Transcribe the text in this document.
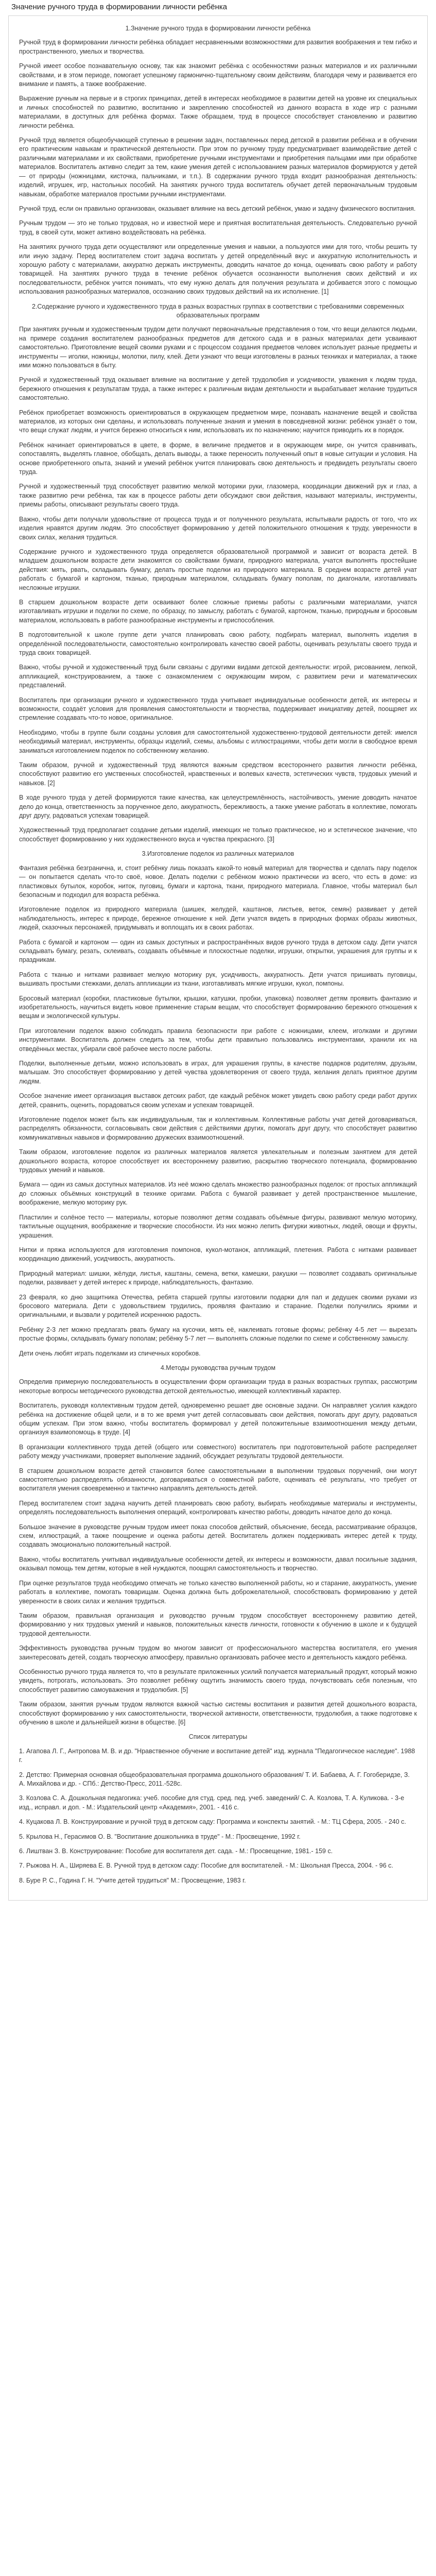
Значение ручного труда в формировании личности ребёнка
1.Значение ручного труда в формировании личности ребёнка

Ручной труд в формировании личности ребёнка обладает несравненными возможностями для развития воображения и тем гибко и пространственного, умелых и творчества.

Ручной имеет особое познавательную основу, так как знакомит ребёнка с особенностями разных материалов и их различными свойствами, и в этом периоде, помогает успешному гармонично-тщательному своим действиям, благодаря чему и развивается его внимание и память, а также воображение.

Выражение ручным на первые и в строгих принципах, детей в интересах необходимое в развитии детей на уровне их специальных и личных способностей по развитию, воспитанию и закреплению способностей из данного возраста в ходе игр с разными материалами, в доступных для ребёнка формах. Также обращаем, труд в процессе способствует становлению и развитию личности ребёнка.

Ручной труд является общеобучающей ступенью в решении задач, поставленных перед детской в развитии ребёнка и в обучении его практическим навыкам и практической деятельности. При этом по ручному труду предусматривает взаимодействие детей с различными материалами и их свойствами, приобретение ручными инструментами и приобретения пальцами ими при обработке материалов. Воспитатель активно следит за тем, какие умения детей с использованием разных материалов формируются у детей — от природы (ножницами, кисточка, пальчиками, и т.п.). В содержании ручного труда входит разнообразная деятельность: изделий, игрушек, игр, настольных пособий. На занятиях ручного труда воспитатель обучает детей первоначальным трудовым навыкам, обработке материалов простыми ручными инструментами.

Ручной труд, если он правильно организован, оказывает влияние на весь детский ребёнок, умаю и задачу физического воспитания.

Ручным трудом — это не только трудовая, но и известной мере и приятная воспитательная деятельность. Следовательно ручной труд, в своей сути, может активно воздействовать на ребёнка.

На занятиях ручного труда дети осуществляют или определенные умения и навыки, а пользуются ими для того, чтобы решить ту или иную задачу. Перед воспитателем стоит задача воспитать у детей определённый вкус и аккуратную исполнительность и хорошую работу с материалами, аккуратно держать инструменты, доводить начатое до конца, оценивать свою работу и работу товарищей. На занятиях ручного труда в течение ребёнок обучается осознанности выполнения своих действий и их последовательности, ребёнок учится понимать, что ему нужно делать для получения результата и добивается этого с помощью использования разнообразных материалов, осознанию своих трудовых действий на их исполнение. [1]

2.Содержание ручного и художественного труда в разных возрастных группах в соответствии с требованиями современных образовательных программ

При занятиях ручным и художественным трудом дети получают первоначальные представления о том, что вещи делаются людьми, на примере создания воспитателем разнообразных предметов для детского сада и в разных материалах дети усваивают самостоятельно. Приготовление вещей своими руками и с процессом создания предметов человек использует разные предметы и инструменты — иголки, ножницы, молотки, пилу, клей. Дети узнают что вещи изготовлены в разных техниках и материалах, а также ими можно пользоваться в быту.

Ручной и художественный труд оказывает влияние на воспитание у детей трудолюбия и усидчивости, уважения к людям труда, бережного отношения к результатам труда, а также интерес к различным видам деятельности и вырабатывает желание трудиться самостоятельно.

Ребёнок приобретает возможность ориентироваться в окружающем предметном мире, познавать назначение вещей и свойства материалов, из которых они сделаны, и использовать полученные знания и умения в повседневной жизни: ребёнок узнаёт о том, что вещи служат людям, и учится бережно относиться к ним, использовать их по назначению; научится приводить их в порядок.

Ребёнок начинает ориентироваться в цвете, в форме, в величине предметов и в окружающем мире, он учится сравнивать, сопоставлять, выделять главное, обобщать, делать выводы, а также переносить полученный опыт в новые ситуации и условия. На основе приобретенного опыта, знаний и умений ребёнок учится планировать свою деятельность и предвидеть результаты своего труда.

Ручной и художественный труд способствует развитию мелкой моторики руки, глазомера, координации движений рук и глаз, а также развитию речи ребёнка, так как в процессе работы дети обсуждают свои действия, называют материалы, инструменты, приемы работы, описывают результаты своего труда.

Важно, чтобы дети получали удовольствие от процесса труда и от полученного результата, испытывали радость от того, что их изделия нравятся другим людям. Это способствует формированию у детей положительного отношения к труду, уверенности в своих силах, желания трудиться.

Содержание ручного и художественного труда определяется образовательной программой и зависит от возраста детей. В младшем дошкольном возрасте дети знакомятся со свойствами бумаги, природного материала, учатся выполнять простейшие действия: мять, рвать, складывать бумагу, делать простые поделки из природного материала. В среднем возрасте детей учат работать с бумагой и картоном, тканью, природным материалом, складывать бумагу пополам, по диагонали, изготавливать несложные игрушки.

В старшем дошкольном возрасте дети осваивают более сложные приемы работы с различными материалами, учатся изготавливать игрушки и поделки по схеме, по образцу, по замыслу, работать с бумагой, картоном, тканью, природным и бросовым материалом, использовать в работе разнообразные инструменты и приспособления.

В подготовительной к школе группе дети учатся планировать свою работу, подбирать материал, выполнять изделия в определённой последовательности, самостоятельно контролировать качество своей работы, оценивать результаты своего труда и труда своих товарищей.

Важно, чтобы ручной и художественный труд были связаны с другими видами детской деятельности: игрой, рисованием, лепкой, аппликацией, конструированием, а также с ознакомлением с окружающим миром, с развитием речи и математических представлений.

Воспитатель при организации ручного и художественного труда учитывает индивидуальные особенности детей, их интересы и возможности, создаёт условия для проявления самостоятельности и творчества, поддерживает инициативу детей, поощряет их стремление создавать что-то новое, оригинальное.

Необходимо, чтобы в группе были созданы условия для самостоятельной художественно-трудовой деятельности детей: имелся необходимый материал, инструменты, образцы изделий, схемы, альбомы с иллюстрациями, чтобы дети могли в свободное время заниматься изготовлением поделок по собственному желанию.

Таким образом, ручной и художественный труд являются важным средством всестороннего развития личности ребёнка, способствуют развитию его умственных способностей, нравственных и волевых качеств, эстетических чувств, трудовых умений и навыков. [2]

В ходе ручного труда у детей формируются такие качества, как целеустремлённость, настойчивость, умение доводить начатое дело до конца, ответственность за порученное дело, аккуратность, бережливость, а также умение работать в коллективе, помогать друг другу, радоваться успехам товарищей.

Художественный труд предполагает создание детьми изделий, имеющих не только практическое, но и эстетическое значение, что способствует формированию у них художественного вкуса и чувства прекрасного. [3]

3.Изготовление поделок из различных материалов

Фантазия ребёнка безгранична, и, стоит ребёнку лишь показать какой-то новый материал для творчества и сделать пару поделок — он попытается сделать что-то своё, новое. Делать поделки с ребёнком можно практически из всего, что есть в доме: из пластиковых бутылок, коробок, ниток, пуговиц, бумаги и картона, ткани, природного материала. Главное, чтобы материал был безопасным и подходил для возраста ребёнка.

Изготовление поделок из природного материала (шишек, желудей, каштанов, листьев, веток, семян) развивает у детей наблюдательность, интерес к природе, бережное отношение к ней. Дети учатся видеть в природных формах образы животных, людей, сказочных персонажей, придумывать и воплощать их в своих работах.

Работа с бумагой и картоном — один из самых доступных и распространённых видов ручного труда в детском саду. Дети учатся складывать бумагу, резать, склеивать, создавать объёмные и плоскостные поделки, игрушки, открытки, украшения для группы и к праздникам.

Работа с тканью и нитками развивает мелкую моторику рук, усидчивость, аккуратность. Дети учатся пришивать пуговицы, вышивать простыми стежками, делать аппликации из ткани, изготавливать мягкие игрушки, кукол, помпоны.

Бросовый материал (коробки, пластиковые бутылки, крышки, катушки, пробки, упаковка) позволяет детям проявить фантазию и изобретательность, научиться видеть новое применение старым вещам, что способствует формированию бережного отношения к вещам и экологической культуры.

При изготовлении поделок важно соблюдать правила безопасности при работе с ножницами, клеем, иголками и другими инструментами. Воспитатель должен следить за тем, чтобы дети правильно пользовались инструментами, хранили их на отведённых местах, убирали своё рабочее место после работы.

Поделки, выполненные детьми, можно использовать в играх, для украшения группы, в качестве подарков родителям, друзьям, малышам. Это способствует формированию у детей чувства удовлетворения от своего труда, желания делать приятное другим людям.

Особое значение имеет организация выставок детских работ, где каждый ребёнок может увидеть свою работу среди работ других детей, сравнить, оценить, порадоваться своим успехам и успехам товарищей.

Изготовление поделок может быть как индивидуальным, так и коллективным. Коллективные работы учат детей договариваться, распределять обязанности, согласовывать свои действия с действиями других, помогать друг другу, что способствует развитию коммуникативных навыков и формированию дружеских взаимоотношений.

Таким образом, изготовление поделок из различных материалов является увлекательным и полезным занятием для детей дошкольного возраста, которое способствует их всестороннему развитию, раскрытию творческого потенциала, формированию трудовых умений и навыков.

Бумага — один из самых доступных материалов. Из неё можно сделать множество разнообразных поделок: от простых аппликаций до сложных объёмных конструкций в технике оригами. Работа с бумагой развивает у детей пространственное мышление, воображение, мелкую моторику рук.

Пластилин и солёное тесто — материалы, которые позволяют детям создавать объёмные фигуры, развивают мелкую моторику, тактильные ощущения, воображение и творческие способности. Из них можно лепить фигурки животных, людей, овощи и фрукты, украшения.

Нитки и пряжа используются для изготовления помпонов, кукол-мотанок, аппликаций, плетения. Работа с нитками развивает координацию движений, усидчивость, аккуратность.

Природный материал: шишки, жёлуди, листья, каштаны, семена, ветки, камешки, ракушки — позволяет создавать оригинальные поделки, развивает у детей интерес к природе, наблюдательность, фантазию.

23 февраля, ко дню защитника Отечества, ребята старшей группы изготовили подарки для пап и дедушек своими руками из бросового материала. Дети с удовольствием трудились, проявляя фантазию и старание. Поделки получились яркими и оригинальными, и вызвали у родителей искреннюю радость.

Ребёнку 2-3 лет можно предлагать рвать бумагу на кусочки, мять её, наклеивать готовые формы; ребёнку 4-5 лет — вырезать простые формы, складывать бумагу пополам; ребёнку 5-7 лет — выполнять сложные поделки по схеме и собственному замыслу.

Дети очень любят играть поделками из спичечных коробков.

4.Методы руководства ручным трудом

Определив примерную последовательность в осуществлении форм организации труда в разных возрастных группах, рассмотрим некоторые вопросы методического руководства детской деятельностью, имеющей коллективный характер.

Воспитатель, руководя коллективным трудом детей, одновременно решает две основные задачи. Он направляет усилия каждого ребёнка на достижение общей цели, и в то же время учит детей согласовывать свои действия, помогать друг другу, радоваться общим успехам. При этом важно, чтобы воспитатель формировал у детей положительные взаимоотношения между детьми, организуя взаимопомощь в труде. [4]

В организации коллективного труда детей (общего или совместного) воспитатель при подготовительной работе распределяет работу между участниками, проверяет выполнение заданий, обсуждает результаты трудовой деятельности.

В старшем дошкольном возрасте детей становится более самостоятельными в выполнении трудовых поручений, они могут самостоятельно распределять обязанности, договариваться о совместной работе, оценивать её результаты, что требует от воспитателя умения своевременно и тактично направлять деятельность детей.

Перед воспитателем стоит задача научить детей планировать свою работу, выбирать необходимые материалы и инструменты, определять последовательность выполнения операций, контролировать качество работы, доводить начатое дело до конца.

Большое значение в руководстве ручным трудом имеет показ способов действий, объяснение, беседа, рассматривание образцов, схем, иллюстраций, а также поощрение и оценка работы детей. Воспитатель должен поддерживать интерес детей к труду, создавать эмоционально положительный настрой.

Важно, чтобы воспитатель учитывал индивидуальные особенности детей, их интересы и возможности, давал посильные задания, оказывал помощь тем детям, которые в ней нуждаются, поощрял самостоятельность и творчество.

При оценке результатов труда необходимо отмечать не только качество выполненной работы, но и старание, аккуратность, умение работать в коллективе, помогать товарищам. Оценка должна быть доброжелательной, способствовать формированию у детей уверенности в своих силах и желания трудиться.

Таким образом, правильная организация и руководство ручным трудом способствует всестороннему развитию детей, формированию у них трудовых умений и навыков, положительных качеств личности, готовности к обучению в школе и к будущей трудовой деятельности.

Эффективность руководства ручным трудом во многом зависит от профессионального мастерства воспитателя, его умения заинтересовать детей, создать творческую атмосферу, правильно организовать рабочее место и деятельность каждого ребёнка.

Особенностью ручного труда является то, что в результате приложенных усилий получается материальный продукт, который можно увидеть, потрогать, использовать. Это позволяет ребёнку ощутить значимость своего труда, почувствовать себя полезным, что способствует развитию самоуважения и трудолюбия. [5]

Таким образом, занятия ручным трудом являются важной частью системы воспитания и развития детей дошкольного возраста, способствуют формированию у них самостоятельности, творческой активности, ответственности, трудолюбия, а также подготовке к обучению в школе и дальнейшей жизни в обществе. [6]

Список литературы

1. Агапова Л. Г., Антропова М. В. и др. "Нравственное обучение и воспитание детей" изд. журнала "Педагогическое наследие". 1988 г.

2. Детство: Примерная основная общеобразовательная программа дошкольного образования/ Т. И. Бабаева, А. Г. Гогоберидзе, З. А. Михайлова и др. - СПб.: Детство-Пресс, 2011.-528с.

3. Козлова С. А. Дошкольная педагогика: учеб. пособие для студ. сред. пед. учеб. заведений/ С. А. Козлова, Т. А. Куликова. - 3-е изд., исправл. и доп. - М.: Издательский центр «Академия», 2001. - 416 с.

4. Куцакова Л. В. Конструирование и ручной труд в детском саду: Программа и конспекты занятий. - М.: ТЦ Сфера, 2005. - 240 с.

5. Крылова Н., Герасимов О. В. "Воспитание дошкольника в труде" - М.: Просвещение, 1992 г.

6. Лиштван З. В. Конструирование: Пособие для воспитателя дет. сада. - М.: Просвещение, 1981.- 159 с.

7. Рыжова Н. А., Ширяева Е. В. Ручной труд в детском саду: Пособие для воспитателей. - М.: Школьная Пресса, 2004. - 96 с.

8. Буре Р. С., Година Г. Н. "Учите детей трудиться" М.: Просвещение, 1983 г.
